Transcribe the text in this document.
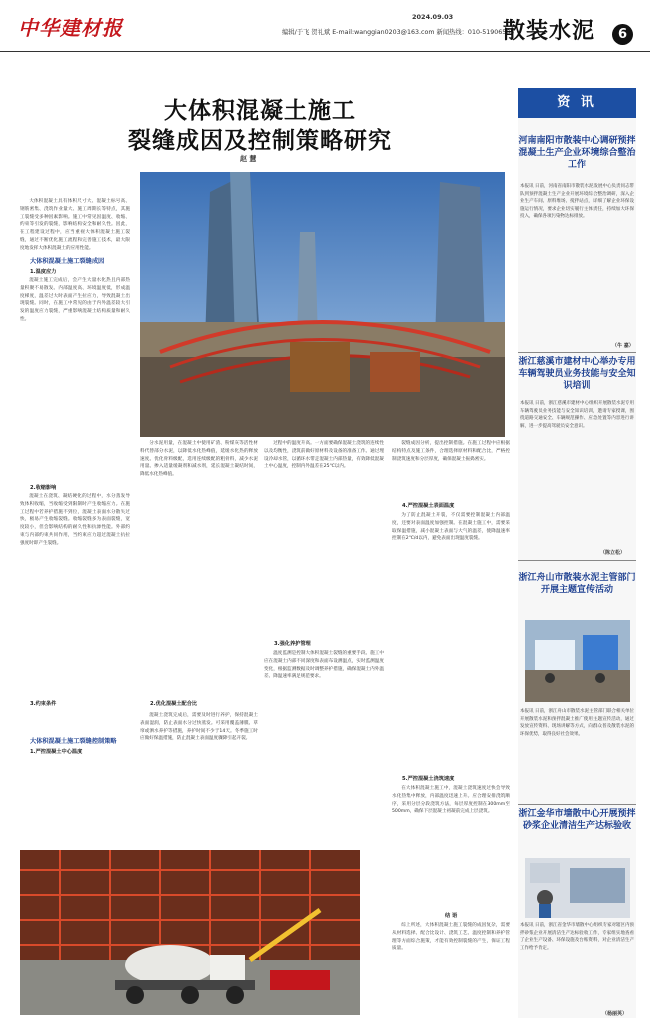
中华建材报	2024.09.03
编辑/于飞 贺礼斌 E-mail:wanggian0203@163.com 新闻热线：010-51906505
散装水泥	6
大体积混凝土施工
裂缝成因及控制策略研究
赵 慧

大体积混凝土具有体积尺寸大、混凝土标号高、钢筋密集、浇筑作业量大、施工周期长等特点，其施工裂缝受多种因素影响。施工中常见因温度、收缩、约束等引发的裂缝，影响结构安全和耐久性。因此，在工程建设过程中，应当重视大体积混凝土施工裂缝，通过不断优化施工流程和完善施工技术，最大限度地发挥大体积混凝土的应用性能。

大体积混凝土施工裂缝成因
1.温度应力

混凝土施工完成后，会产生大量水化热且内部热量积聚不易散发。内部温度高、环境温度低，形成温度梯度，温差过大时表面产生拉应力，导致混凝土出现裂缝。同时，在施工中常见的由于内外温差较大引发的温度应力裂缝，严重影响混凝土结构质量和耐久性。

2.收缩影响

混凝土在浇筑、凝结硬化的过程中，水分蒸发导致体积收缩，当收缩受到限制时产生收缩应力。在施工过程中若养护措施不到位，混凝土表面水分散失过快，极易产生收缩裂缝。收缩裂缝多为表面裂缝，宽度较小，但会影响结构的耐久性和抗渗性能。外部约束与内部约束共同作用，当约束应力超过混凝土抗拉强度时即产生裂缝。

3.约束条件
大体积混凝土施工裂缝控制策略
1.严控混凝土中心温度

分水泥用量，在混凝土中使用矿渣、粉煤灰等活性材料代替部分水泥，以降低水化热峰值，延缓水化热的释放速度。优化骨料级配，选用连续级配的粗骨料，减少水泥用量。掺入适量缓凝剂和减水剂，延长混凝土凝结时间，降低水化热峰值。

2.优化混凝土配合比

混凝土浇筑完成后，需要及时进行养护，保持混凝土表面湿润，防止表面水分过快蒸发。可采用覆盖薄膜、草帘或洒水养护等措施，养护时间不少于14天。冬季施工时应做好保温措施，防止混凝土表面温度骤降引起开裂。

过程中的温度升高。一方面要确保混凝土浇筑的连续性以及均衡性，浇筑前做好原材料及设备的准备工作。通过埋设冷却水管，以循环水带走混凝土内部热量，有效降低混凝土中心温度，控制内外温差在25℃以内。

3.强化养护管理

温度监测是控制大体积混凝土裂缝的重要手段。施工中应在混凝土内部不同深度和表面布设测温点，实时监测温度变化，根据监测数据及时调整养护措施，确保混凝土内外温差、降温速率满足规范要求。

裂缝成因分析，提出控制措施。在施工过程中应根据结构特点及施工条件，合理选择原材料和配合比，严格控制浇筑速度和分层厚度，确保混凝土振捣密实。

4.严控混凝土表面温度

为了防止混凝土开裂，不仅需要控制混凝土内部温度，还要对表面温度加强控制。在混凝土施工中，需要采取保温措施，减小混凝土表面与大气的温差，使降温速率控制在2℃/d以内，避免表面出现温度裂缝。

5.严控混凝土浇筑速度

在大体积混凝土施工中，混凝土浇筑速度过快会导致水化热集中释放，内部温度迅速上升。应合理安排浇筑顺序，采用分层分段浇筑方法，每层厚度控制在300mm至500mm，确保下层混凝土初凝前完成上层浇筑。

结 语

综上所述，大体积混凝土施工裂缝的成因复杂，需要从材料选择、配合比设计、浇筑工艺、温度控制和养护管理等方面综合施策，才能有效控制裂缝的产生，保证工程质量。

资 讯
河南南阳市散装中心调研预拌混凝土生产企业环境综合整治工作
本报讯 日前，河南省南阳市散装水泥发展中心负责同志带队到预拌混凝土生产企业开展环境综合整治调研，深入企业生产车间、原料堆场、搅拌站点，详细了解企业环保设施运行情况，要求企业切实履行主体责任，持续加大环保投入，确保各项污染物达标排放。
（牛 嘉）
浙江慈溪市建材中心举办专用车辆驾驶员业务技能与安全知识培训
本报讯 日前，浙江慈溪市建材中心组织开展散装水泥专用车辆驾驶员业务技能与安全知识培训，邀请专家授课，围绕道路交通安全、车辆规范操作、应急处置等内容进行讲解，进一步提高驾驶员安全意识。
（陈立松）
浙江舟山市散装水泥主管部门开展主题宣传活动
本报讯 日前，浙江舟山市散装水泥主管部门联合相关单位开展散装水泥和预拌混凝土推广使用主题宣传活动，通过发放宣传资料、现场讲解等方式，向群众普及散装水泥的环保优势，取得良好社会效果。
浙江金华市墙散中心开展预拌砂浆企业清洁生产达标验收
本报讯 日前，浙江省金华市墙散中心组织专家对辖区内预拌砂浆企业开展清洁生产达标验收工作，专家组实地查看了企业生产设备、环保设施及台账资料，对企业清洁生产工作给予肯定。
（杨丽英）
